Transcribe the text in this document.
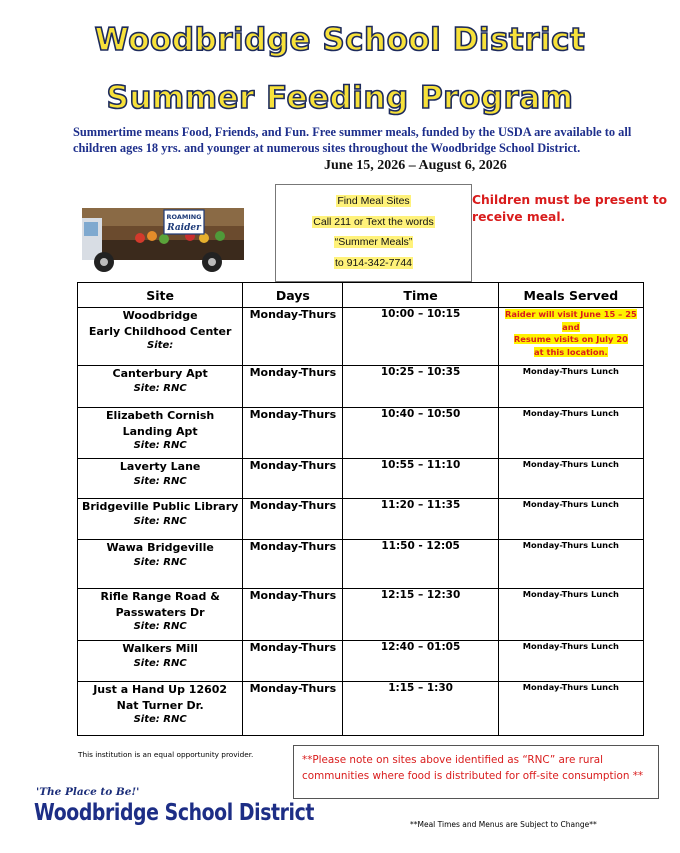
Woodbridge School District
Summer Feeding Program
Summertime means Food, Friends, and Fun. Free summer meals, funded by the USDA are available to all children ages 18 yrs. and younger at numerous sites throughout the Woodbridge School District.
June 15, 2026 – August 6, 2026
ROAMING
Raider
Find Meal Sites
Call 211 or Text the words
“Summer Meals”
to 914-342-7744
Children must be present to receive meal.
Site	Days	Time	Meals Served

Woodbridge
Early Childhood Center
Site:	Monday-Thurs	10:00 – 10:15	Raider will visit June 15 – 25
and
Resume visits on July 20
at this location.

Canterbury Apt
Site: RNC	Monday-Thurs	10:25 – 10:35	Monday-Thurs Lunch

Elizabeth Cornish
Landing Apt
Site: RNC	Monday-Thurs	10:40 – 10:50	Monday-Thurs Lunch

Laverty Lane
Site: RNC	Monday-Thurs	10:55 – 11:10	Monday-Thurs Lunch

Bridgeville Public Library
Site: RNC	Monday-Thurs	11:20 – 11:35	Monday-Thurs Lunch

Wawa Bridgeville
Site: RNC	Monday-Thurs	11:50 - 12:05	Monday-Thurs Lunch

Rifle Range Road &
Passwaters Dr
Site: RNC	Monday-Thurs	12:15 – 12:30	Monday-Thurs Lunch

Walkers Mill
Site: RNC	Monday-Thurs	12:40 – 01:05	Monday-Thurs Lunch

Just a Hand Up 12602
Nat Turner Dr.
Site: RNC	Monday-Thurs	1:15 – 1:30	Monday-Thurs Lunch
This institution is an equal opportunity provider.	**Please note on sites above identified as “RNC” are rural communities where food is distributed for off-site consumption **
'The Place to Be!'
Woodbridge School District	**Meal Times and Menus are Subject to Change**
